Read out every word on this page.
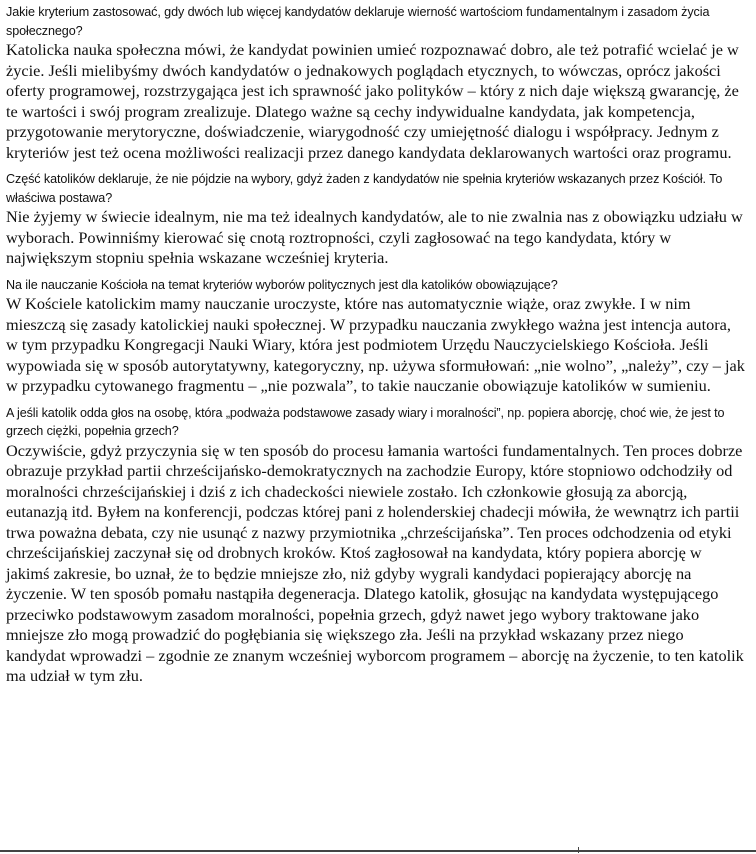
Jakie kryterium zastosować, gdy dwóch lub więcej kandydatów deklaruje wierność wartościom fundamentalnym i zasadom życia społecznego?

Katolicka nauka społeczna mówi, że kandydat powinien umieć rozpoznawać dobro, ale też potrafić wcielać je w życie. Jeśli mielibyśmy dwóch kandydatów o jednakowych poglądach etycznych, to wówczas, oprócz jakości oferty programowej, rozstrzygająca jest ich sprawność jako polityków – który z nich daje większą gwarancję, że te wartości i swój program zrealizuje. Dlatego ważne są cechy indywidualne kandydata, jak kompetencja, przygotowanie merytoryczne, doświadczenie, wiarygodność czy umiejętność dialogu i współpracy. Jednym z kryteriów jest też ocena możliwości realizacji przez danego kandydata deklarowanych wartości oraz programu.

Część katolików deklaruje, że nie pójdzie na wybory, gdyż żaden z kandydatów nie spełnia kryteriów wskazanych przez Kościół. To właściwa postawa?

Nie żyjemy w świecie idealnym, nie ma też idealnych kandydatów, ale to nie zwalnia nas z obowiązku udziału w wyborach. Powinniśmy kierować się cnotą roztropności, czyli zagłosować na tego kandydata, który w największym stopniu spełnia wskazane wcześniej kryteria.

Na ile nauczanie Kościoła na temat kryteriów wyborów politycznych jest dla katolików obowiązujące?

W Kościele katolickim mamy nauczanie uroczyste, które nas automatycznie wiąże, oraz zwykłe. I w nim mieszczą się zasady katolickiej nauki społecznej. W przypadku nauczania zwykłego ważna jest intencja autora, w tym przypadku Kongregacji Nauki Wiary, która jest podmiotem Urzędu Nauczycielskiego Kościoła. Jeśli wypowiada się w sposób autorytatywny, kategoryczny, np. używa sformułowań: „nie wolno”, „należy”, czy – jak w przypadku cytowanego fragmentu – „nie pozwala”, to takie nauczanie obowiązuje katolików w sumieniu.

A jeśli katolik odda głos na osobę, która „podważa podstawowe zasady wiary i moralności”, np. popiera aborcję, choć wie, że jest to grzech ciężki, popełnia grzech?

Oczywiście, gdyż przyczynia się w ten sposób do procesu łamania wartości fundamentalnych. Ten proces dobrze obrazuje przykład partii chrześcijańsko-demokratycznych na zachodzie Europy, które stopniowo odchodziły od moralności chrześcijańskiej i dziś z ich chadeckości niewiele zostało. Ich członkowie głosują za aborcją, eutanazją itd. Byłem na konferencji, podczas której pani z holenderskiej chadecji mówiła, że wewnątrz ich partii trwa poważna debata, czy nie usunąć z nazwy przymiotnika „chrześcijańska”. Ten proces odchodzenia od etyki chrześcijańskiej zaczynał się od drobnych kroków. Ktoś zagłosował na kandydata, który popiera aborcję w jakimś zakresie, bo uznał, że to będzie mniejsze zło, niż gdyby wygrali kandydaci popierający aborcję na życzenie. W ten sposób pomału nastąpiła degeneracja. Dlatego katolik, głosując na kandydata występującego przeciwko podstawowym zasadom moralności, popełnia grzech, gdyż nawet jego wybory traktowane jako mniejsze zło mogą prowadzić do pogłębiania się większego zła. Jeśli na przykład wskazany przez niego kandydat wprowadzi – zgodnie ze znanym wcześniej wyborcom programem – aborcję na życzenie, to ten katolik ma udział w tym złu.
